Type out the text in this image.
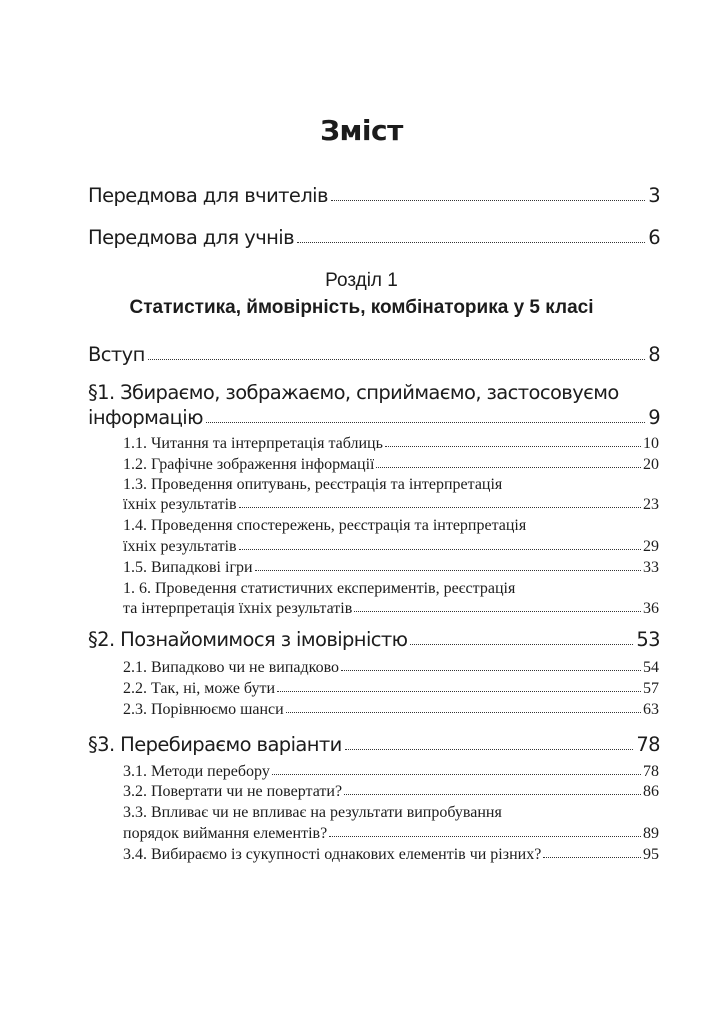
Зміст
Передмова для вчителів	3
Передмова для учнів	6
Розділ 1
Статистика, ймовірність, комбінаторика у 5 класі
Вступ	8
§1. Збираємо, зображаємо, сприймаємо, застосовуємо
інформацію	9
1.1. Читання та інтерпретація таблиць	10
1.2. Графічне зображення інформації	20
1.3. Проведення опитувань, реєстрація та інтерпретація
їхніх результатів	23
1.4. Проведення спостережень, реєстрація та інтерпретація
їхніх результатів	29
1.5. Випадкові ігри	33
1. 6. Проведення статистичних експериментів, реєстрація
та інтерпретація їхніх результатів	36
§2. Познайомимося з імовірністю	53
2.1. Випадково чи не випадково	54
2.2. Так, ні, може бути	57
2.3. Порівнюємо шанси	63
§3. Перебираємо варіанти	78
3.1. Методи перебору	78
3.2. Повертати чи не повертати?	86
3.3. Впливає чи не впливає на результати випробування
порядок виймання елементів?	89
3.4. Вибираємо із сукупності однакових елементів чи різних?	95
